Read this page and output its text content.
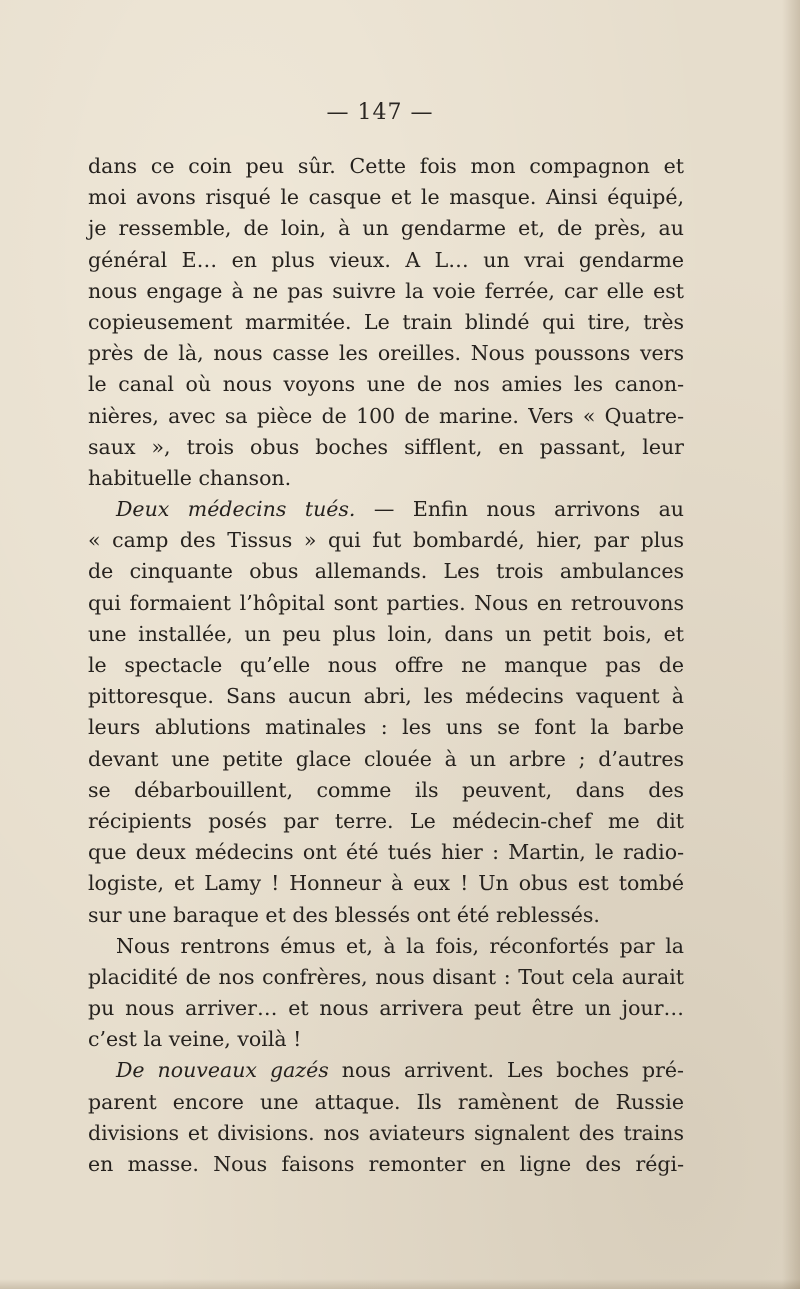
— 147 —
dans ce coin peu sûr. Cette fois mon compagnon et
moi avons risqué le casque et le masque. Ainsi équipé,
je ressemble, de loin, à un gendarme et, de près, au
général E… en plus vieux. A L… un vrai gendarme
nous engage à ne pas suivre la voie ferrée, car elle est
copieusement marmitée. Le train blindé qui tire, très
près de là, nous casse les oreilles. Nous poussons vers
le canal où nous voyons une de nos amies les canon-
nières, avec sa pièce de 100 de marine. Vers « Quatre-
saux », trois obus boches sifflent, en passant, leur
habituelle chanson.
Deux médecins tués. — Enfin nous arrivons au
« camp des Tissus » qui fut bombardé, hier, par plus
de cinquante obus allemands. Les trois ambulances
qui formaient l’hôpital sont parties. Nous en retrouvons
une installée, un peu plus loin, dans un petit bois, et
le spectacle qu’elle nous offre ne manque pas de
pittoresque. Sans aucun abri, les médecins vaquent à
leurs ablutions matinales : les uns se font la barbe
devant une petite glace clouée à un arbre ; d’autres
se débarbouillent, comme ils peuvent, dans des
récipients posés par terre. Le médecin-chef me dit
que deux médecins ont été tués hier : Martin, le radio-
logiste, et Lamy ! Honneur à eux ! Un obus est tombé
sur une baraque et des blessés ont été reblessés.
Nous rentrons émus et, à la fois, réconfortés par la
placidité de nos confrères, nous disant : Tout cela aurait
pu nous arriver… et nous arrivera peut être un jour…
c’est la veine, voilà !
De nouveaux gazés nous arrivent. Les boches pré-
parent encore une attaque. Ils ramènent de Russie
divisions et divisions. nos aviateurs signalent des trains
en masse. Nous faisons remonter en ligne des régi-
